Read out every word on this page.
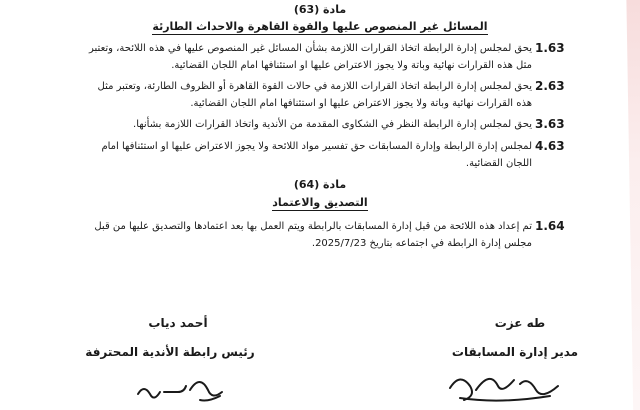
مادة (63)
المسائل غير المنصوص عليها والقوة القاهرة والاحداث الطارئة
1.63
يحق لمجلس إدارة الرابطة اتخاذ القرارات اللازمة بشأن المسائل غير المنصوص عليها في هذه اللائحة، وتعتبر
مثل هذه القرارات نهائية وباتة ولا يجوز الاعتراض عليها او استئنافها امام اللجان القضائية.
2.63
يحق لمجلس إدارة الرابطة اتخاذ القرارات اللازمة في حالات القوة القاهرة أو الظروف الطارئة، وتعتبر مثل
هذه القرارات نهائية وباتة ولا يجوز الاعتراض عليها او استئنافها امام اللجان القضائية.
3.63
يحق لمجلس إدارة الرابطة النظر في الشكاوى المقدمة من الأندية واتخاذ القرارات اللازمة بشأنها.
4.63
لمجلس إدارة الرابطة وإدارة المسابقات حق تفسير مواد اللائحة ولا يجوز الاعتراض عليها او استئنافها امام
اللجان القضائية.
مادة (64)
التصديق والاعتماد
1.64
تم إعداد هذه اللائحة من قبل إدارة المسابقات بالرابطة ويتم العمل بها بعد اعتمادها والتصديق عليها من قبل
مجلس إدارة الرابطة في اجتماعه بتاريخ 2025/7/23.
أحمد دياب
رئيس رابطة الأندية المحترفة
طه عزت
مدير إدارة المسابقات
